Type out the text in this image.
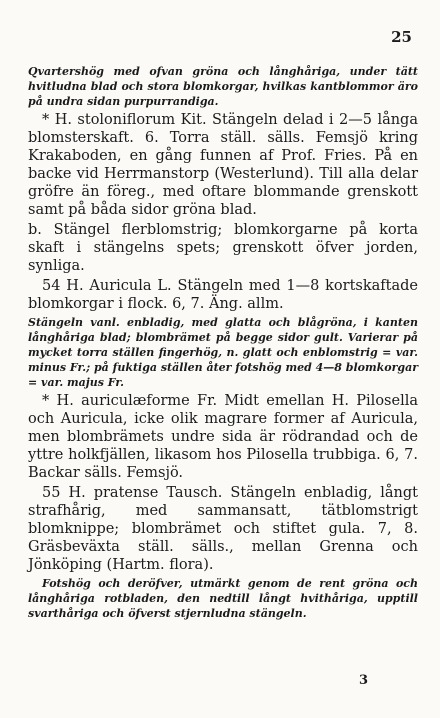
25

Qvartershög med ofvan gröna och långhåriga, under tätt hvitludna blad och stora blomkorgar, hvilkas kantblommor äro på undra sidan purpurrandiga.

* H. stoloniflorum Kit. Stängeln delad i 2—5 långa blomsterskaft. 6. Torra ställ. sälls. Femsjö kring Krakaboden, en gång funnen af Prof. Fries. På en backe vid Herrmanstorp (Westerlund). Till alla delar gröfre än föreg., med oftare blommande grenskott samt på båda sidor gröna blad.

b. Stängel flerblomstrig; blomkorgarne på korta skaft i stängelns spets; grenskott öfver jorden, synliga.

54 H. Auricula L. Stängeln med 1—8 kortskaftade blomkorgar i flock. 6, 7. Äng. allm.

Stängeln vanl. enbladig, med glatta och blågröna, i kanten långhåriga blad; blombrämet på begge sidor gult. Varierar på mycket torra ställen fingerhög, n. glatt och enblomstrig = var. minus Fr.; på fuktiga ställen åter fotshög med 4—8 blomkorgar = var. majus Fr.

* H. auriculæforme Fr. Midt emellan H. Pilosella och Auricula, icke olik magrare former af Auricula, men blombrämets undre sida är rödrandad och de yttre holkfjällen, likasom hos Pilosella trubbiga. 6, 7. Backar sälls. Femsjö.

55 H. pratense Tausch. Stängeln enbladig, långt strafhårig, med sammansatt, tätblomstrigt blomknippe; blombrämet och stiftet gula. 7, 8. Gräsbeväxta ställ. sälls., mellan Grenna och Jönköping (Hartm. flora).

Fotshög och deröfver, utmärkt genom de rent gröna och långhåriga rotbladen, den nedtill långt hvithåriga, upptill svarthåriga och öfverst stjernludna stängeln.

3
